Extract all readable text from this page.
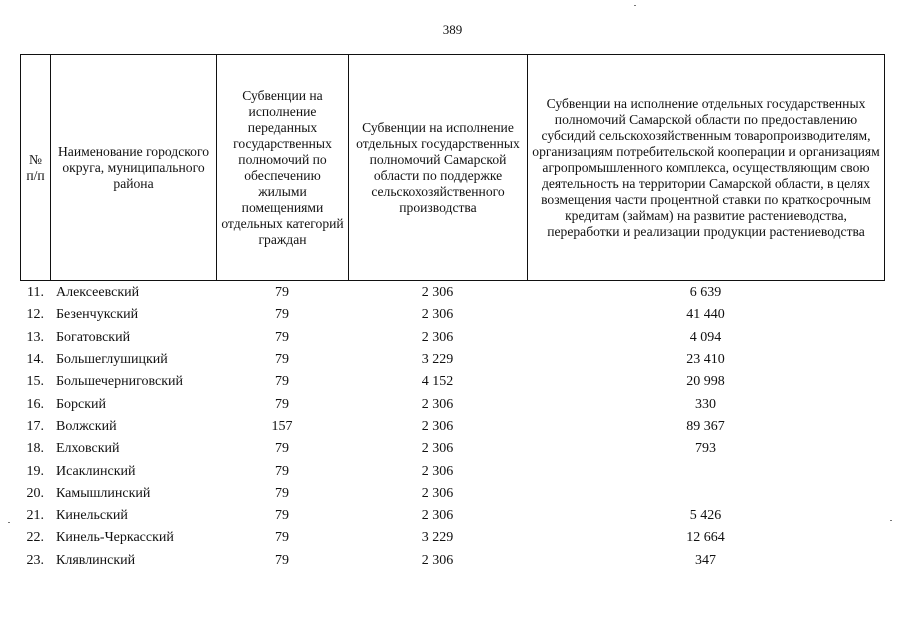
389
№ п/п	Наименование городского округа, муниципального района	Субвенции на исполнение переданных государственных полномочий по обеспечению жилыми помещениями отдельных категорий граждан	Субвенции на исполнение отдельных государственных полномочий Самарской области по поддержке сельскохозяйственного производства	Субвенции на исполнение отдельных государственных полномочий Самарской области по предоставлению субсидий сельскохозяйственным товаропроизводителям, организациям потребительской кооперации и организациям агропромышленного комплекса, осуществляющим свою деятельность на территории Самарской области, в целях возмещения части процентной ставки по краткосрочным кредитам (займам) на развитие растениеводства, переработки и реализации продукции растениеводства
11.	Алексеевский	79	2 306	6 639
12.	Безенчукский	79	2 306	41 440
13.	Богатовский	79	2 306	4 094
14.	Большеглушицкий	79	3 229	23 410
15.	Большечерниговский	79	4 152	20 998
16.	Борский	79	2 306	330
17.	Волжский	157	2 306	89 367
18.	Елховский	79	2 306	793
19.	Исаклинский	79	2 306	
20.	Камышлинский	79	2 306	
21.	Кинельский	79	2 306	5 426
22.	Кинель-Черкасский	79	3 229	12 664
23.	Клявлинский	79	2 306	347
